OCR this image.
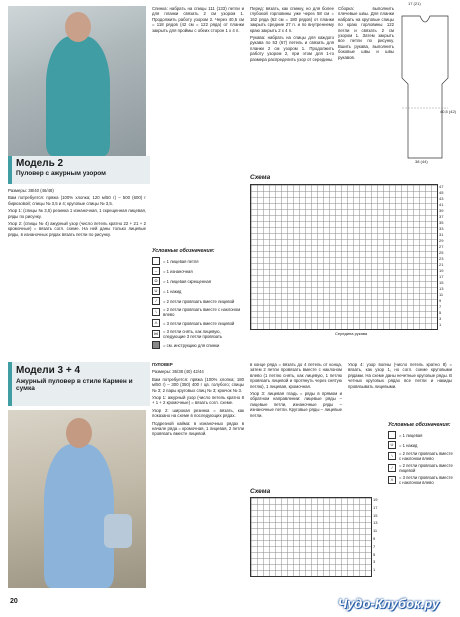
Модель 2
Пуловер с ажурным узором

Размеры: 38/40 (46/48)

Вам потребуется: пряжа (100% хлопка; 120 м/50 г) – 500 (600) г бирюзовой; спицы № 3,5 и 4; круговые спицы № 3,5.

Узор 1: (спицы № 3,5) резинка 1 изнаночная, 1 скрещенная лицевая, ряды по рисунку.

Узор 2: (спицы № 4) ажурный узор (число петель кратно 22 + 21 + 2 кромочные) = вязать согл. схеме. На ней даны только лицевые ряды, в изнаночных рядах вязать петли по рисунку.

Спинка: набрать на спицы 111 (133) петли и для планки связать 2 см узором 1. Продолжить работу узором 2. Через 40,5 см = 118 рядов (42 см = 122 ряда) от планки закрыть для проймы с обеих сторон 1 х 4 п.

Перед: вязать, как спинку, но для более глубокой горловины уже через 58 см = 162 ряда (62 см = 180 рядов) от планки закрыть средние 27 п. и по внутреннему краю закрыть 2 х 4 п.

Рукава: набрать на спицы для каждого рукава по 53 (67) петель и связать для планки 2 см узором 1. Продолжить работу узором 2, при этом для 1-го размера распределить узор от середины.

Сборка: выполнить плечевые швы. Для планки набрать на круговые спицы по краю горловины 122 петли и связать 2 см узором 1. Затем закрыть все петли по рисунку. Вшить рукава, выполнить боковые швы и швы рукавов.

17 (21)
38 (44)
40,5 (42)
Условные обозначения:
= 1 лицевая петля
–	= 1 изнаночная
Ω	= 1 лицевая скрещенная
U	= 1 накид
/	= 2 петли провязать вместе лицевой
\	= 2 петли провязать вместе с наклоном влево
Λ	= 3 петли провязать вместе лицевой
⋈	= 3 петли снять, как лицевую, следующие 3 петли провязать
= см. инструкцию для спинки
Схема
47
45
43
41
39
37
35
33
31
29
27
25
23
21
19
17
15
13
11
9
7
5
3
1
Середина рукава
Модели 3 + 4
Ажурный пуловер в стиле Кармен и сумка

ПУЛОВЕР

Размеры: 36/38 (40) 42/44

Вам потребуется: пряжа (100% хлопка; 180 м/50 г) – 300 (350) 400 г цв. голубого; спицы № 3; 2 пары круговых спиц № 3; крючок № 3.

Узор 1: ажурный узор (число петель кратно 8 + 1 + 2 кромочные) = вязать согл. схеме.

Узор 2: широкая резинка = вязать, как показано на схеме в последующих рядах.

Подрезной кайма: в изнаночных рядах в начале ряда = кромочная, 1 лицевая, 2 петли провязать вместе лицевой.

в конце ряда = вязать до 4 петель от конца, затем 2 петли провязать вместе с наклоном влево (1 петлю снять, как лицевую, 1 петлю провязать лицевой и протянуть через снятую петлю), 1 лицевая, кромочная.

Узор 3: лицевая гладь = ряды в прямом и обратном направлении: лицевые ряды – лицевые петли, изнаночные ряды – изнаночные петли. Круговые ряды – лицевые петли.

Узор 4: узор волны (число петель кратно 8) = вязать, как узор 1, но согл. схеме круговыми рядами. На схеме даны нечетные круговые ряды. В четных круговых рядах все петли и накиды провязывать лицевыми.

Схема
19
17
15
13
11
9
7
5
3
1
Условные обозначения:
= 1 лицевая
U	= 1 накид
\	= 2 петли провязать вместе с наклоном влево
/	= 2 петли провязать вместе лицевой
Λ	= 3 петли провязать вместе с наклоном влево
20	Чудо-Клубок.ру
